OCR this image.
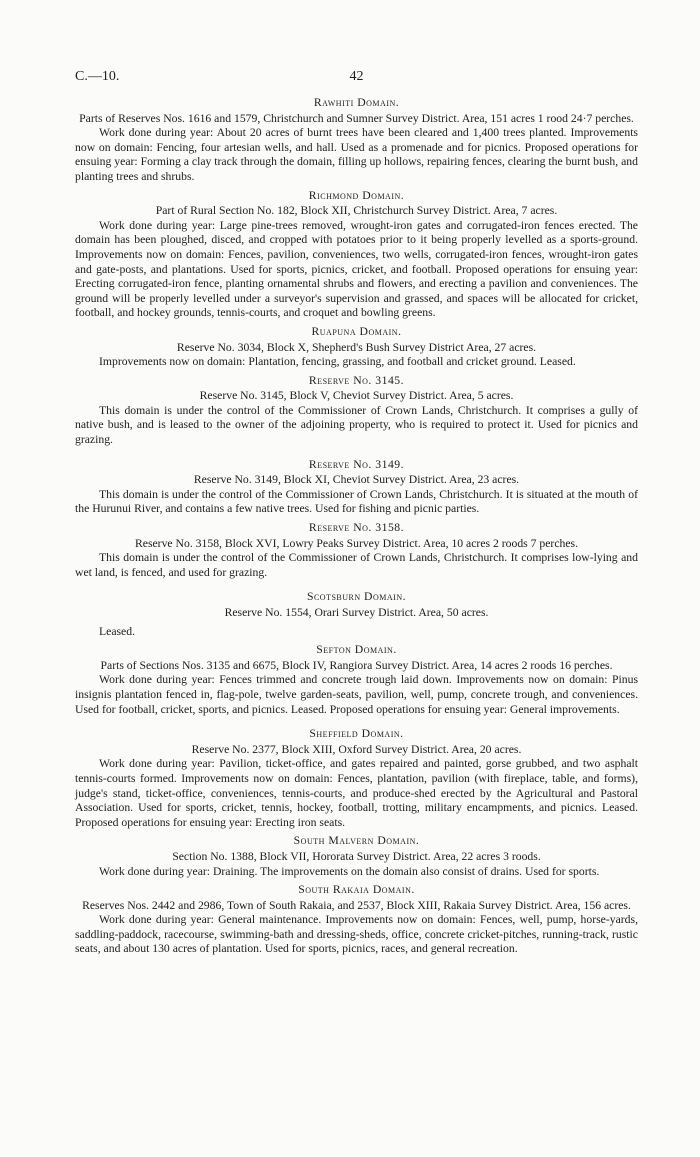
C.—10.	42
Rawhiti Domain.
Parts of Reserves Nos. 1616 and 1579, Christchurch and Sumner Survey District. Area, 151 acres 1 rood 24·7 perches.

Work done during year: About 20 acres of burnt trees have been cleared and 1,400 trees planted. Improvements now on domain: Fencing, four artesian wells, and hall. Used as a promenade and for picnics. Proposed operations for ensuing year: Forming a clay track through the domain, filling up hollows, repairing fences, clearing the burnt bush, and planting trees and shrubs.

Richmond Domain.
Part of Rural Section No. 182, Block XII, Christchurch Survey District. Area, 7 acres.

Work done during year: Large pine-trees removed, wrought-iron gates and corrugated-iron fences erected. The domain has been ploughed, disced, and cropped with potatoes prior to it being properly levelled as a sports-ground. Improvements now on domain: Fences, pavilion, conveniences, two wells, corrugated-iron fences, wrought-iron gates and gate-posts, and plantations. Used for sports, picnics, cricket, and football. Proposed operations for ensuing year: Erecting corrugated-iron fence, planting ornamental shrubs and flowers, and erecting a pavilion and conveniences. The ground will be properly levelled under a surveyor's supervision and grassed, and spaces will be allocated for cricket, football, and hockey grounds, tennis-courts, and croquet and bowling greens.

Ruapuna Domain.
Reserve No. 3034, Block X, Shepherd's Bush Survey District Area, 27 acres.

Improvements now on domain: Plantation, fencing, grassing, and football and cricket ground. Leased.

Reserve No. 3145.
Reserve No. 3145, Block V, Cheviot Survey District. Area, 5 acres.

This domain is under the control of the Commissioner of Crown Lands, Christchurch. It comprises a gully of native bush, and is leased to the owner of the adjoining property, who is required to protect it. Used for picnics and grazing.

Reserve No. 3149.
Reserve No. 3149, Block XI, Cheviot Survey District. Area, 23 acres.

This domain is under the control of the Commissioner of Crown Lands, Christchurch. It is situated at the mouth of the Hurunui River, and contains a few native trees. Used for fishing and picnic parties.

Reserve No. 3158.
Reserve No. 3158, Block XVI, Lowry Peaks Survey District. Area, 10 acres 2 roods 7 perches.

This domain is under the control of the Commissioner of Crown Lands, Christchurch. It comprises low-lying and wet land, is fenced, and used for grazing.

Scotsburn Domain.
Reserve No. 1554, Orari Survey District. Area, 50 acres.
Leased.
Sefton Domain.
Parts of Sections Nos. 3135 and 6675, Block IV, Rangiora Survey District. Area, 14 acres 2 roods 16 perches.

Work done during year: Fences trimmed and concrete trough laid down. Improvements now on domain: Pinus insignis plantation fenced in, flag-pole, twelve garden-seats, pavilion, well, pump, concrete trough, and conveniences. Used for football, cricket, sports, and picnics. Leased. Proposed operations for ensuing year: General improvements.

Sheffield Domain.
Reserve No. 2377, Block XIII, Oxford Survey District. Area, 20 acres.

Work done during year: Pavilion, ticket-office, and gates repaired and painted, gorse grubbed, and two asphalt tennis-courts formed. Improvements now on domain: Fences, plantation, pavilion (with fireplace, table, and forms), judge's stand, ticket-office, conveniences, tennis-courts, and produce-shed erected by the Agricultural and Pastoral Association. Used for sports, cricket, tennis, hockey, football, trotting, military encampments, and picnics. Leased. Proposed operations for ensuing year: Erecting iron seats.

South Malvern Domain.
Section No. 1388, Block VII, Hororata Survey District. Area, 22 acres 3 roods.

Work done during year: Draining. The improvements on the domain also consist of drains. Used for sports.

South Rakaia Domain.
Reserves Nos. 2442 and 2986, Town of South Rakaia, and 2537, Block XIII, Rakaia Survey District. Area, 156 acres.

Work done during year: General maintenance. Improvements now on domain: Fences, well, pump, horse-yards, saddling-paddock, racecourse, swimming-bath and dressing-sheds, office, concrete cricket-pitches, running-track, rustic seats, and about 130 acres of plantation. Used for sports, picnics, races, and general recreation.
